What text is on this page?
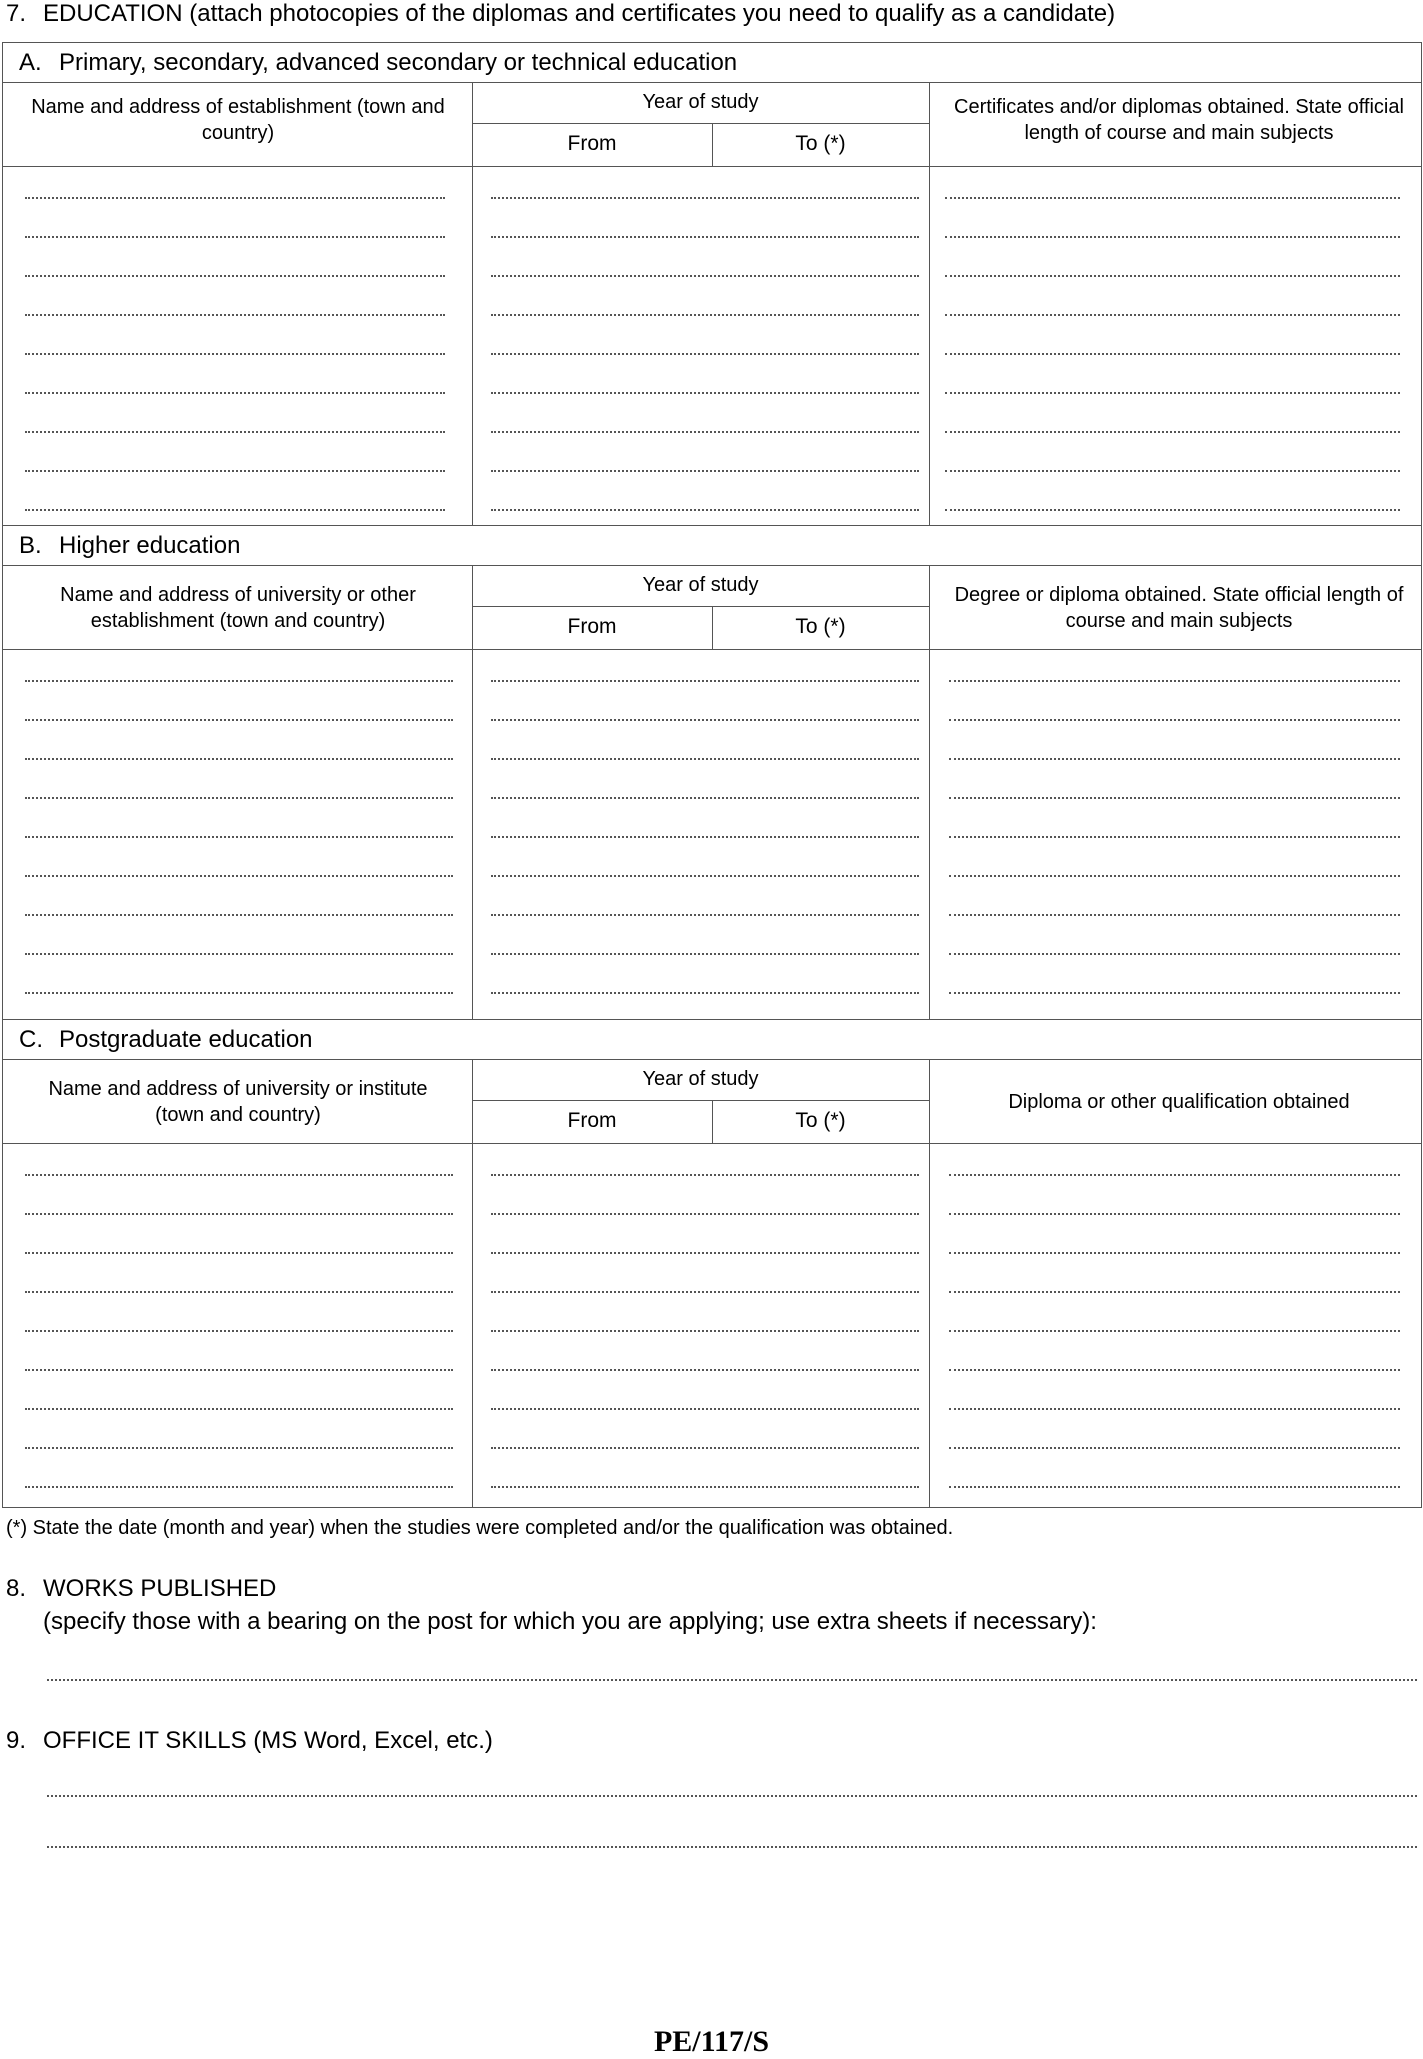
7. EDUCATION (attach photocopies of the diplomas and certificates you need to qualify as a candidate)
A. Primary, secondary, advanced secondary or technical education
Name and address of establishment (town and country)
Year of study
From	To (*)
Certificates and/or diplomas obtained. State official length of course and main subjects
B. Higher education
Name and address of university or other establishment (town and country)
Year of study
From	To (*)
Degree or diploma obtained. State official length of course and main subjects
C. Postgraduate education
Name and address of university or institute (town and country)
Year of study
From	To (*)
Diploma or other qualification obtained
(*) State the date (month and year) when the studies were completed and/or the qualification was obtained.
8. WORKS PUBLISHED
(specify those with a bearing on the post for which you are applying; use extra sheets if necessary):
9. OFFICE IT SKILLS (MS Word, Excel, etc.)
PE/117/S
